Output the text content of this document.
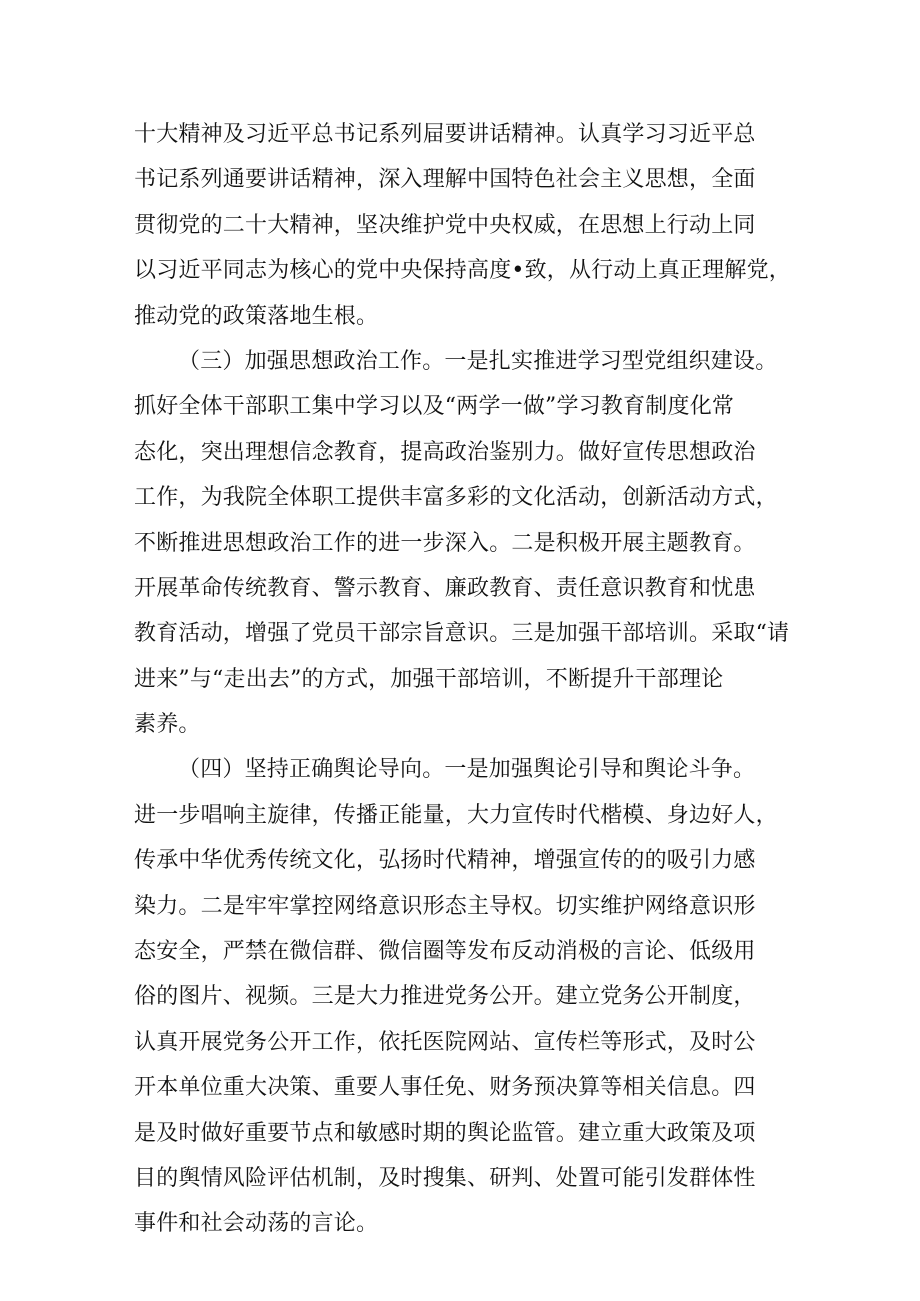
十大精神及习近平总书记系列屇要讲话精神。认真学习习近平总
书记系列通要讲话精神，深入理解中国特色社会主义思想，全面
贯彻党的二十大精神，坚决维护党中央权威，在思想上行动上同
以习近平同志为核心的党中央保持高度•致，从行动上真正理解党，
推动党的政策落地生根。
（三）加强思想政治工作。一是扎实推进学习型党组织建设。
抓好全体干部职工集中学习以及“两学一做”学习教育制度化常
态化，突出理想信念教育，提高政治鉴别力。做好宣传思想政治
工作，为我院全体职工提供丰富多彩的文化活动，创新活动方式，
不断推进思想政治工作的进一步深入。二是积极开展主题教育。
开展革命传统教育、警示教育、廉政教育、责任意识教育和忧患
教育活动，增强了党员干部宗旨意识。三是加强干部培训。采取“请
进来”与“走出去”的方式，加强干部培训，不断提升干部理论
素养。
（四）坚持正确舆论导向。一是加强舆论引导和舆论斗争。
进一步唱响主旋律，传播正能量，大力宣传时代楷模、身边好人，
传承中华优秀传统文化，弘扬时代精神，增强宣传的的吸引力感
染力。二是牢牢掌控网络意识形态主导权。切实维护网络意识形
态安全，严禁在微信群、微信圈等发布反动消极的言论、低级用
俗的图片、视频。三是大力推进党务公开。建立党务公开制度，
认真开展党务公开工作，依托医院网站、宣传栏等形式，及时公
开本单位重大决策、重要人事任免、财务预决算等相关信息。四
是及时做好重要节点和敏感时期的舆论监管。建立重大政策及项
目的舆情风险评估机制，及时搜集、研判、处置可能引发群体性
事件和社会动荡的言论。
